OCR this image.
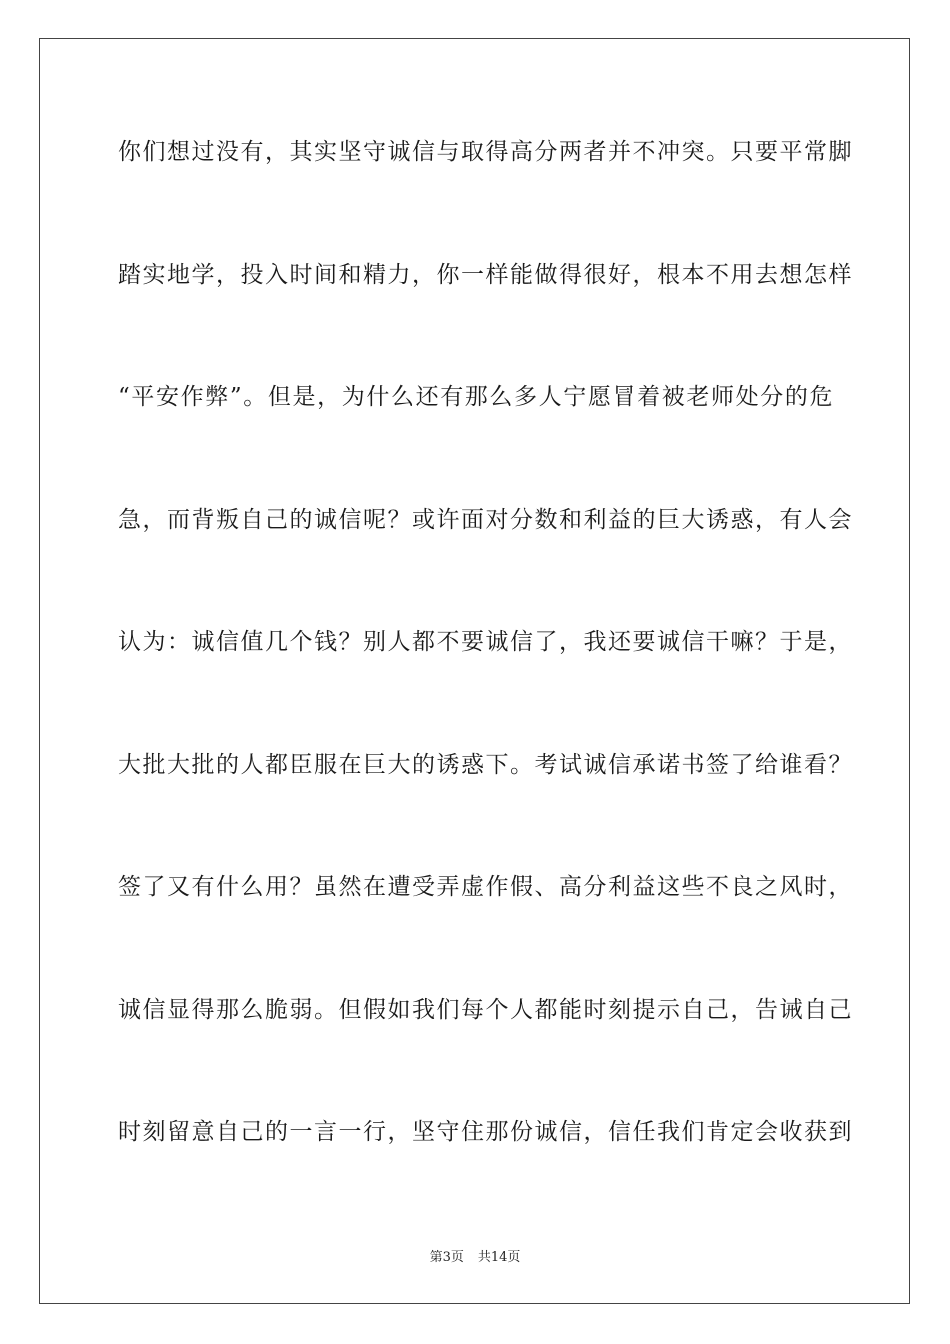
你们想过没有，其实坚守诚信与取得高分两者并不冲突。只要平常脚
踏实地学，投入时间和精力，你一样能做得很好，根本不用去想怎样
“平安作弊”。但是，为什么还有那么多人宁愿冒着被老师处分的危
急，而背叛自己的诚信呢？或许面对分数和利益的巨大诱惑，有人会
认为：诚信值几个钱？别人都不要诚信了，我还要诚信干嘛？于是，
大批大批的人都臣服在巨大的诱惑下。考试诚信承诺书签了给谁看？
签了又有什么用？虽然在遭受弄虚作假、高分利益这些不良之风时，
诚信显得那么脆弱。但假如我们每个人都能时刻提示自己，告诫自己
时刻留意自己的一言一行，坚守住那份诚信，信任我们肯定会收获到
第3页 共14页
